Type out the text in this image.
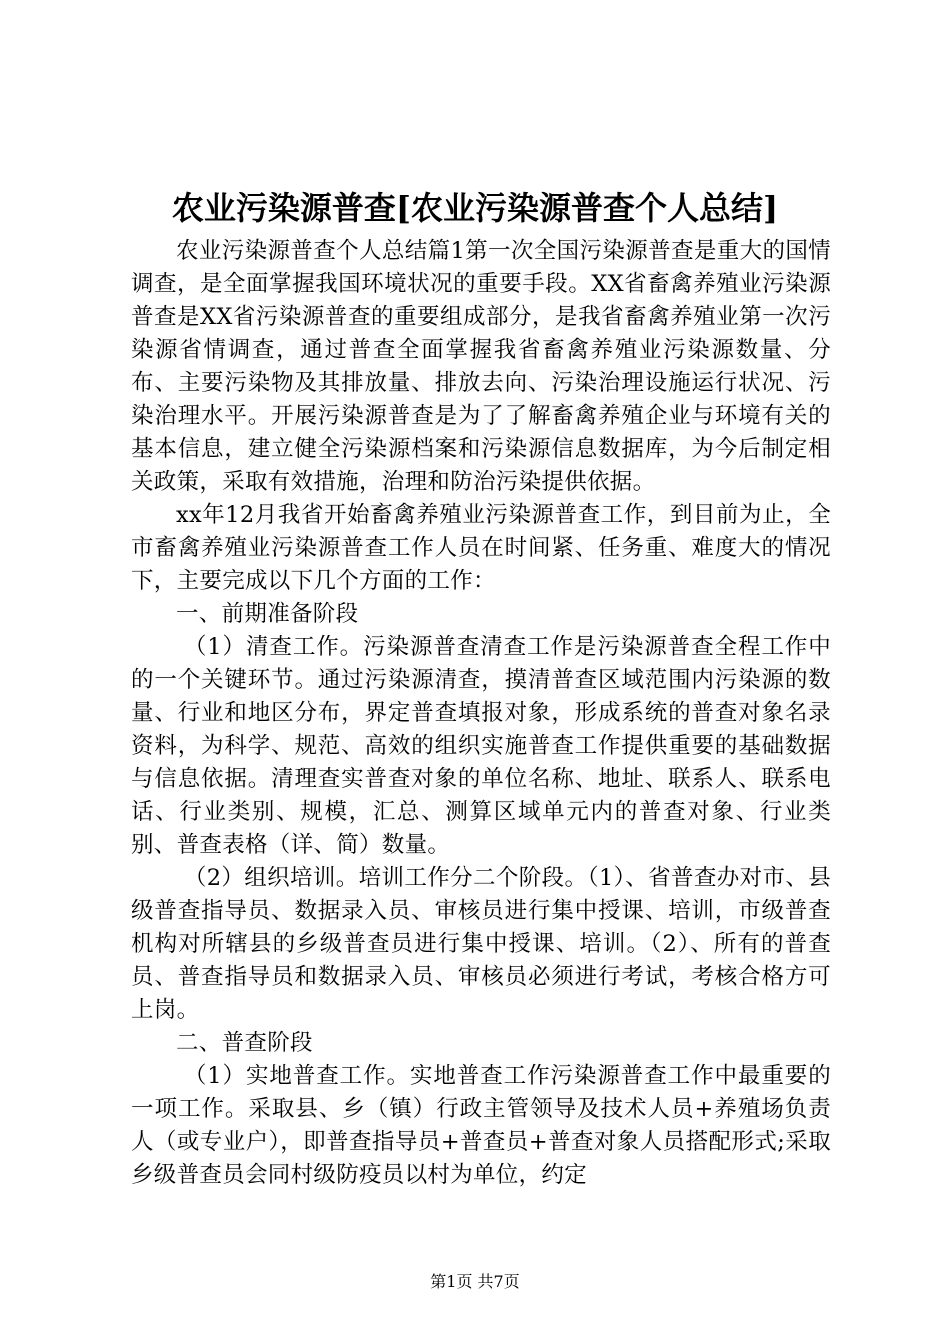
农业污染源普查[农业污染源普查个人总结]

农业污染源普查个人总结篇1第一次全国污染源普查是重大的国情调查，是全面掌握我国环境状况的重要手段。XX省畜禽养殖业污染源普查是XX省污染源普查的重要组成部分，是我省畜禽养殖业第一次污染源省情调查，通过普查全面掌握我省畜禽养殖业污染源数量、分布、主要污染物及其排放量、排放去向、污染治理设施运行状况、污染治理水平。开展污染源普查是为了了解畜禽养殖企业与环境有关的基本信息，建立健全污染源档案和污染源信息数据库，为今后制定相关政策，采取有效措施，治理和防治污染提供依据。

xx年12月我省开始畜禽养殖业污染源普查工作，到目前为止，全市畜禽养殖业污染源普查工作人员在时间紧、任务重、难度大的情况下，主要完成以下几个方面的工作：

一、前期准备阶段

（1）清查工作。污染源普查清查工作是污染源普查全程工作中的一个关键环节。通过污染源清查，摸清普查区域范围内污染源的数量、行业和地区分布，界定普查填报对象，形成系统的普查对象名录资料，为科学、规范、高效的组织实施普查工作提供重要的基础数据与信息依据。清理查实普查对象的单位名称、地址、联系人、联系电话、行业类别、规模，汇总、测算区域单元内的普查对象、行业类别、普查表格（详、简）数量。

（2）组织培训。培训工作分二个阶段。（1）、省普查办对市、县级普查指导员、数据录入员、审核员进行集中授课、培训，市级普查机构对所辖县的乡级普查员进行集中授课、培训。（2）、所有的普查员、普查指导员和数据录入员、审核员必须进行考试，考核合格方可上岗。

二、普查阶段

（1）实地普查工作。实地普查工作污染源普查工作中最重要的一项工作。采取县、乡（镇）行政主管领导及技术人员+养殖场负责人（或专业户），即普查指导员+普查员+普查对象人员搭配形式;采取乡级普查员会同村级防疫员以村为单位，约定

第1页 共7页
